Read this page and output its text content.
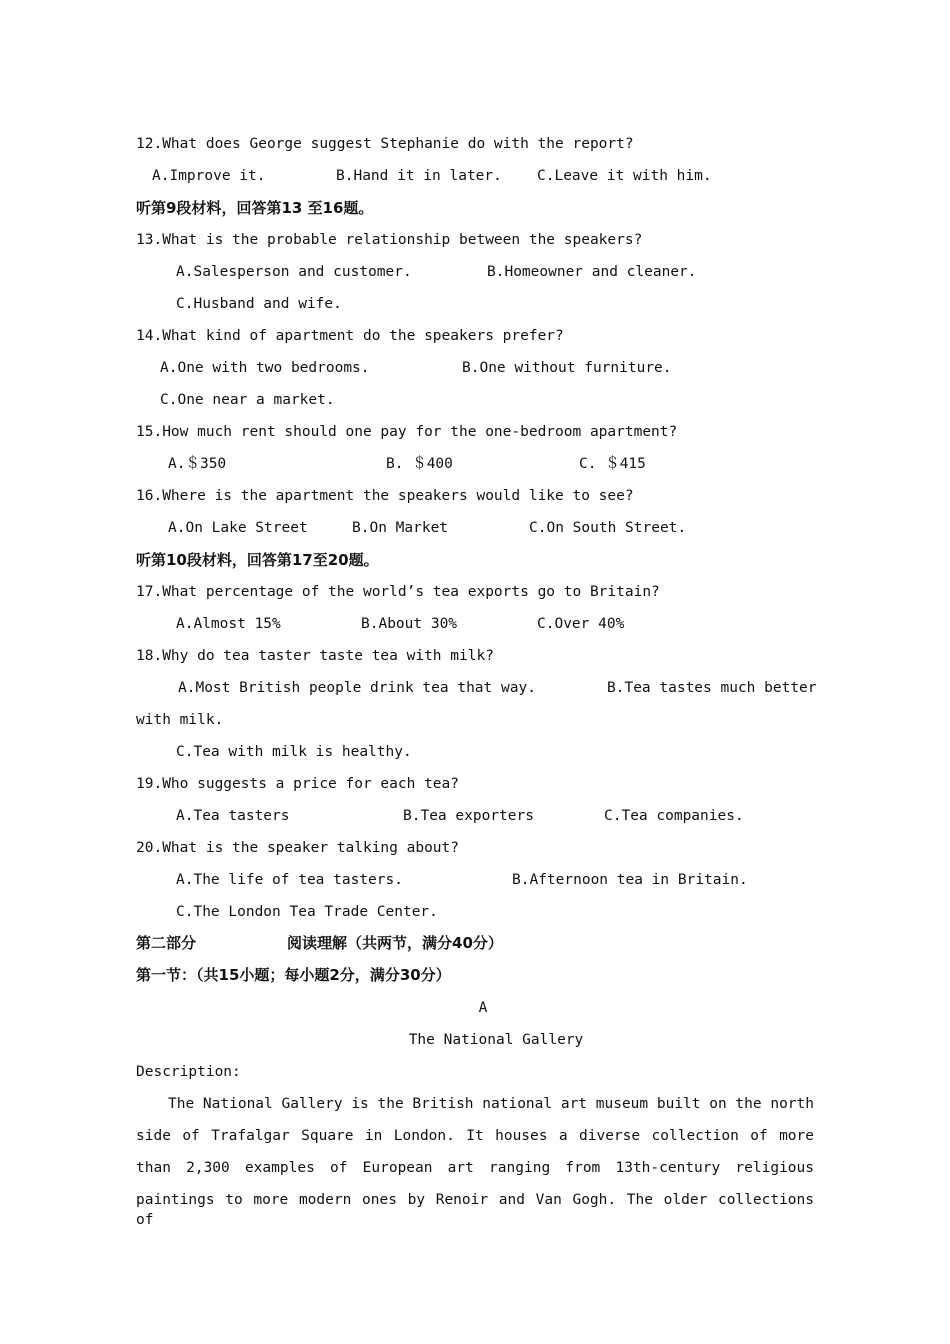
12.What does George suggest Stephanie do with the report?
A.Improve it.	B.Hand it in later. C.Leave it with him.
听第9段材料，回答第13 至16题。
13.What is the probable relationship between the speakers?
A.Salesperson and customer.	B.Homeowner and cleaner.
C.Husband and wife.
14.What kind of apartment do the speakers prefer?
A.One with two bedrooms.	B.One without furniture.
C.One near a market.
15.How much rent should one pay for the one-bedroom apartment?
A.＄350	B. ＄400	C. ＄415
16.Where is the apartment the speakers would like to see?
A.On Lake Street	B.On Market	C.On South Street.
听第10段材料，回答第17至20题。
17.What percentage of the world’s tea exports go to Britain?
A.Almost 15%	B.About 30%	C.Over 40%
18.Why do tea taster taste tea with milk?
A.Most British people drink tea that way.	B.Tea tastes much better
with milk.
C.Tea with milk is healthy.
19.Who suggests a price for each tea?
A.Tea tasters	B.Tea exporters	C.Tea companies.
20.What is the speaker talking about?
A.The life of tea tasters.	B.Afternoon tea in Britain.
C.The London Tea Trade Center.
第二部分	阅读理解（共两节，满分40分）
第一节：（共15小题；每小题2分，满分30分）
A
The National Gallery
Description:
The National Gallery is the British national art museum built on the north
side of Trafalgar Square in London. It houses a diverse collection of more
than 2,300 examples of European art ranging from 13th-century religious
paintings to more modern ones by Renoir and Van Gogh. The older collections of
